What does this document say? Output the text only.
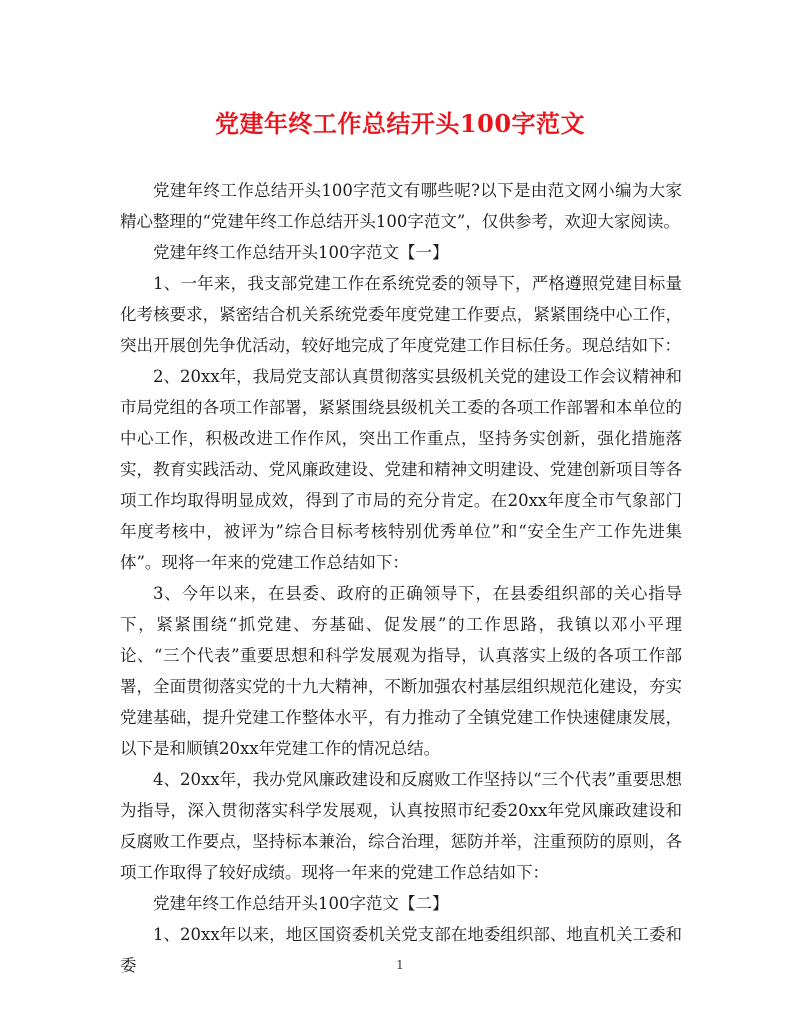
党建年终工作总结开头100字范文

党建年终工作总结开头100字范文有哪些呢?以下是由范文网小编为大家精心整理的“党建年终工作总结开头100字范文”，仅供参考，欢迎大家阅读。

党建年终工作总结开头100字范文【一】

1、一年来，我支部党建工作在系统党委的领导下，严格遵照党建目标量化考核要求，紧密结合机关系统党委年度党建工作要点，紧紧围绕中心工作，突出开展创先争优活动，较好地完成了年度党建工作目标任务。现总结如下：

2、20xx年，我局党支部认真贯彻落实县级机关党的建设工作会议精神和市局党组的各项工作部署，紧紧围绕县级机关工委的各项工作部署和本单位的中心工作，积极改进工作作风，突出工作重点，坚持务实创新，强化措施落实，教育实践活动、党风廉政建设、党建和精神文明建设、党建创新项目等各项工作均取得明显成效，得到了市局的充分肯定。在20xx年度全市气象部门年度考核中，被评为”综合目标考核特别优秀单位”和“安全生产工作先进集体”。现将一年来的党建工作总结如下：

3、今年以来，在县委、政府的正确领导下，在县委组织部的关心指导下，紧紧围绕“抓党建、夯基础、促发展”的工作思路，我镇以邓小平理论、“三个代表”重要思想和科学发展观为指导，认真落实上级的各项工作部署，全面贯彻落实党的十九大精神，不断加强农村基层组织规范化建设，夯实党建基础，提升党建工作整体水平，有力推动了全镇党建工作快速健康发展，以下是和顺镇20xx年党建工作的情况总结。

4、20xx年，我办党风廉政建设和反腐败工作坚持以“三个代表”重要思想为指导，深入贯彻落实科学发展观，认真按照市纪委20xx年党风廉政建设和反腐败工作要点，坚持标本兼治，综合治理，惩防并举，注重预防的原则，各项工作取得了较好成绩。现将一年来的党建工作总结如下：

党建年终工作总结开头100字范文【二】

1、20xx年以来，地区国资委机关党支部在地委组织部、地直机关工委和委	1
